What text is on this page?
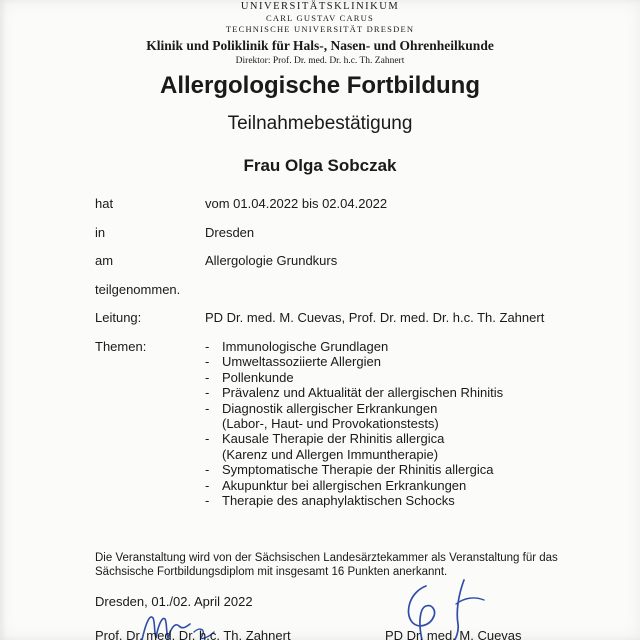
UNIVERSITÄTSKLINIKUM
CARL GUSTAV CARUS
TECHNISCHE UNIVERSITÄT DRESDEN
Klinik und Poliklinik für Hals-, Nasen- und Ohrenheilkunde
Direktor: Prof. Dr. med. Dr. h.c. Th. Zahnert
Allergologische Fortbildung
Teilnahmebestätigung
Frau Olga Sobczak
hat	vom 01.04.2022 bis 02.04.2022
in	Dresden
am	Allergologie Grundkurs
teilgenommen.
Leitung:	PD Dr. med. M. Cuevas, Prof. Dr. med. Dr. h.c. Th. Zahnert
Themen:	- Immunologische Grundlagen
- Umweltassoziierte Allergien
- Pollenkunde
- Prävalenz und Aktualität der allergischen Rhinitis
- Diagnostik allergischer Erkrankungen
(Labor-, Haut- und Provokationstests)
- Kausale Therapie der Rhinitis allergica
(Karenz und Allergen Immuntherapie)
- Symptomatische Therapie der Rhinitis allergica
- Akupunktur bei allergischen Erkrankungen
- Therapie des anaphylaktischen Schocks
Die Veranstaltung wird von der Sächsischen Landesärztekammer als Veranstaltung für das Sächsische Fortbildungsdiplom mit insgesamt 16 Punkten anerkannt.
Dresden, 01./02. April 2022
Prof. Dr. med. Dr. h.c. Th. Zahnert	PD Dr. med. M. Cuevas
